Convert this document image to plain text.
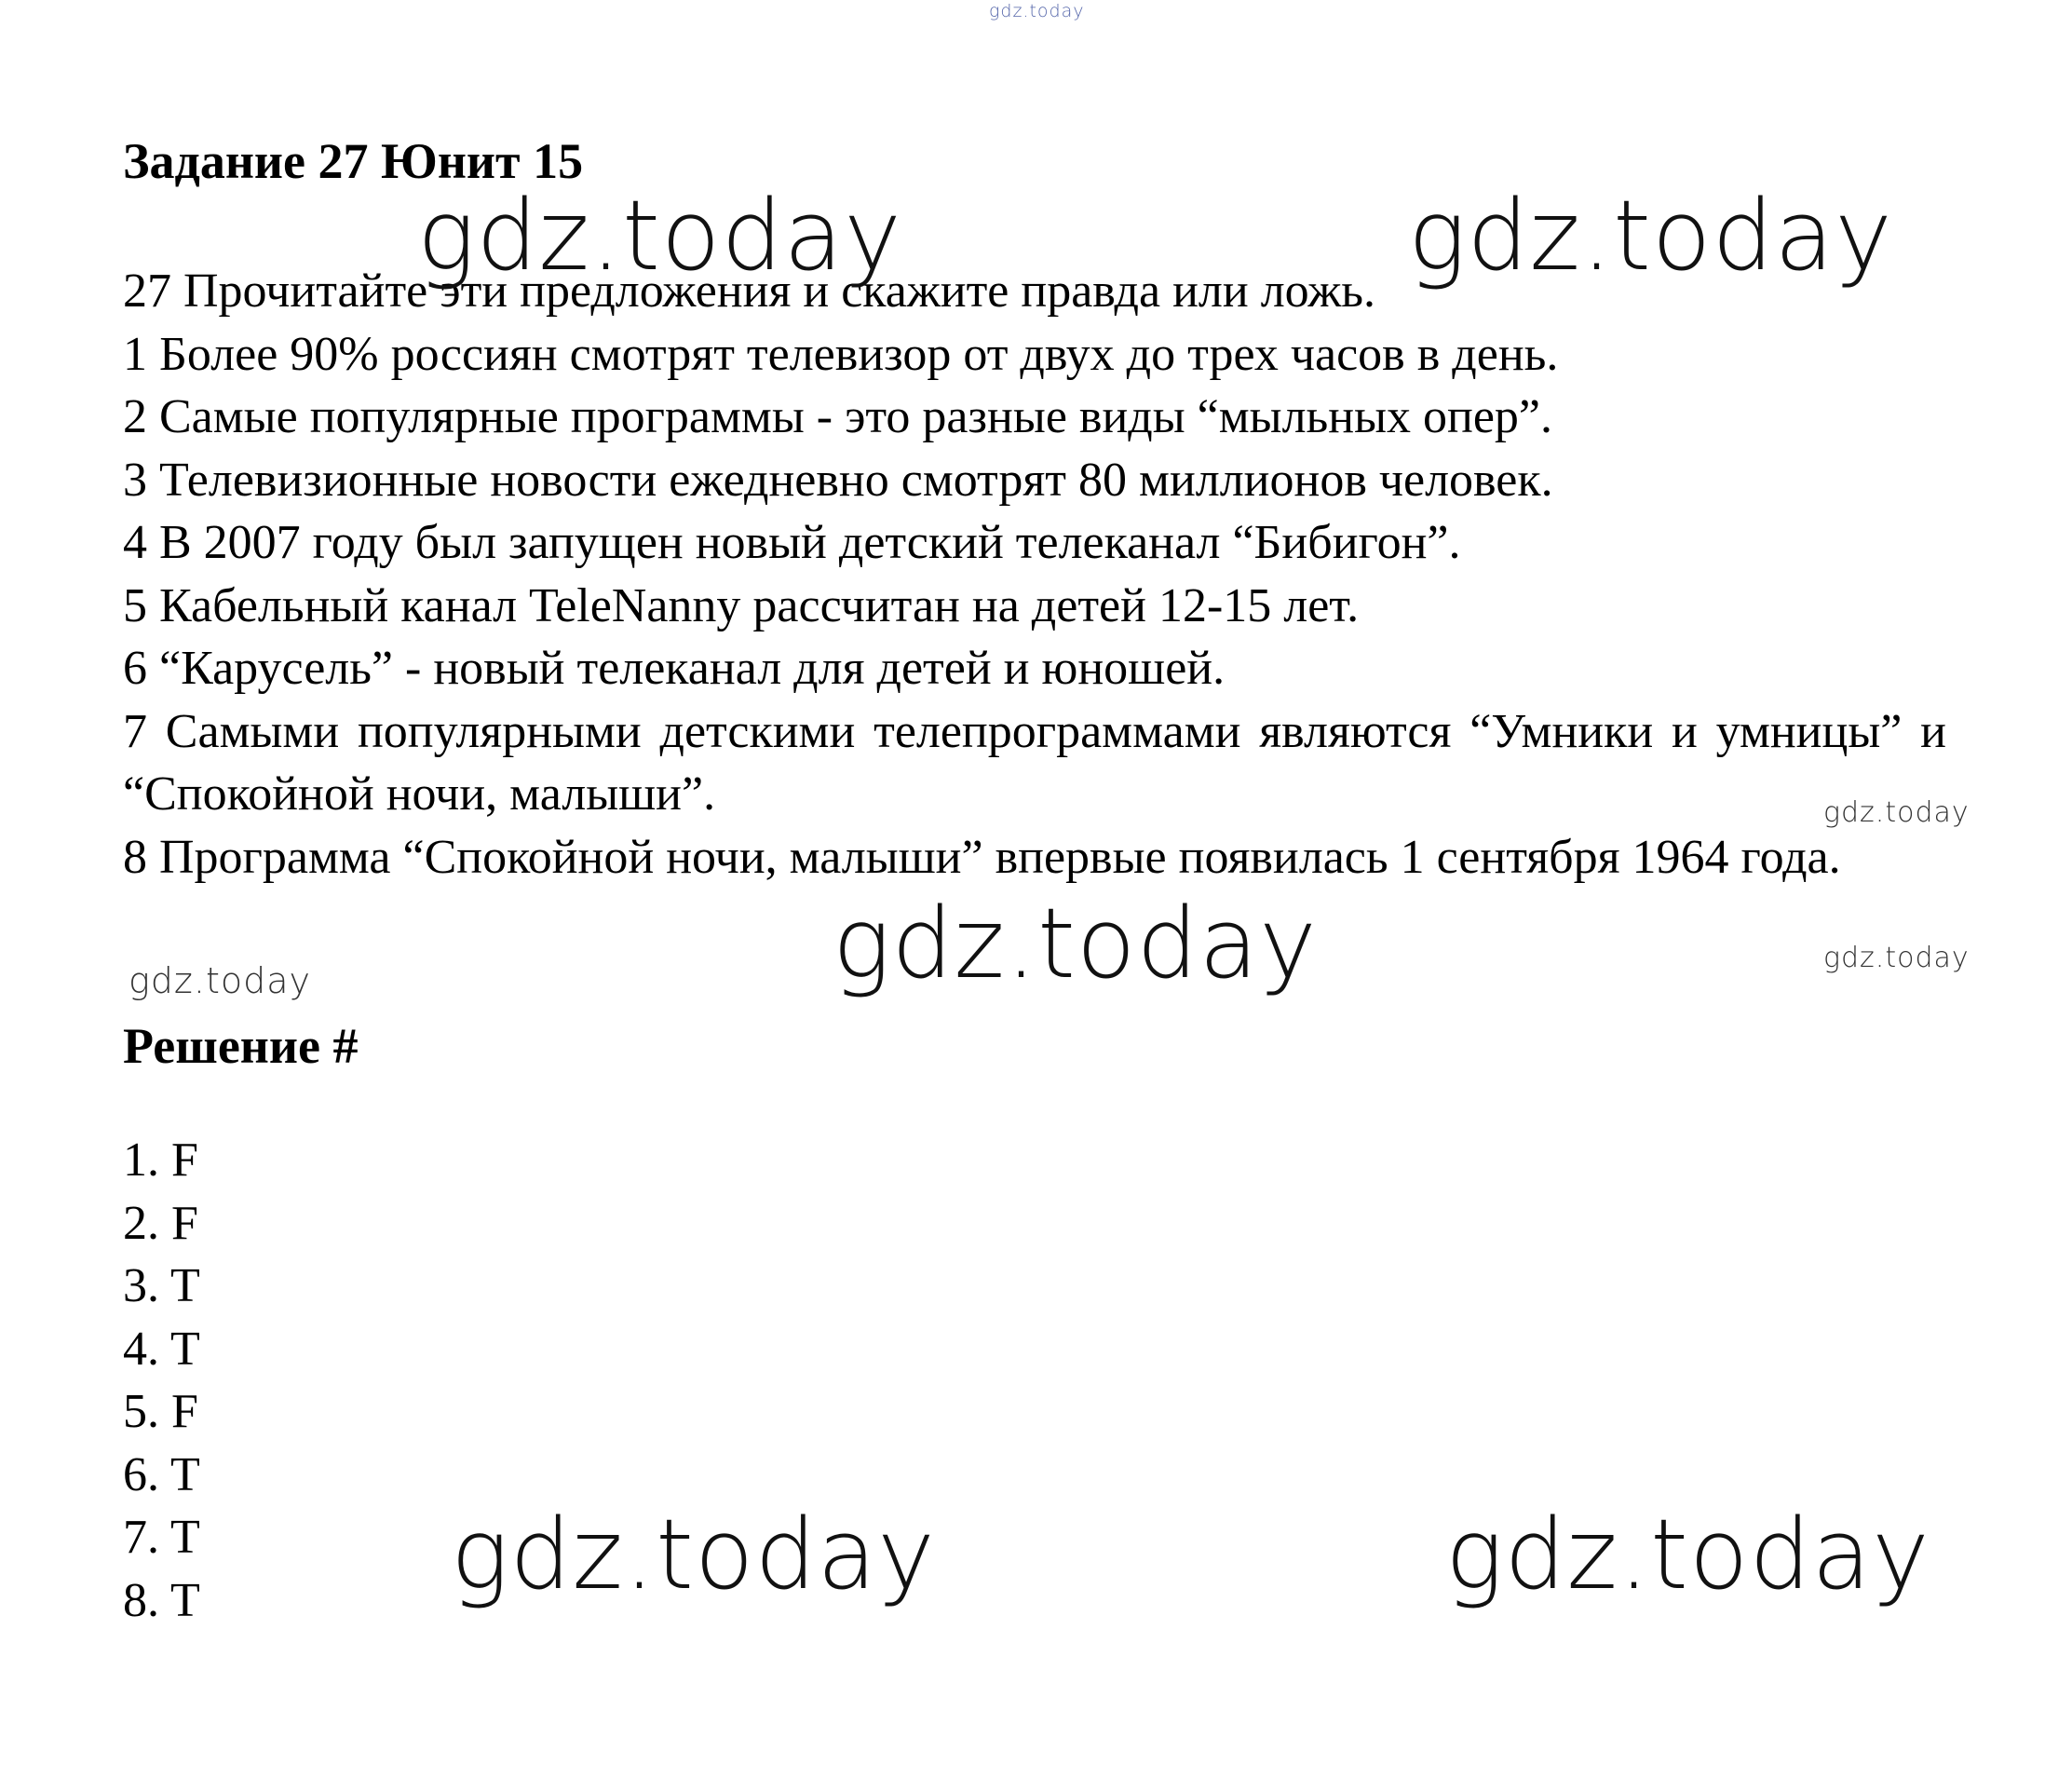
gdz.today
Задание 27 Юнит 15

27 Прочитайте эти предложения и скажите правда или ложь.

1 Более 90% россиян смотрят телевизор от двух до трех часов в день.

2 Самые популярные программы - это разные виды “мыльных опер”.

3 Телевизионные новости ежедневно смотрят 80 миллионов человек.

4 В 2007 году был запущен новый детский телеканал “Бибигон”.

5 Кабельный канал TeleNanny рассчитан на детей 12-15 лет.

6 “Карусель” - новый телеканал для детей и юношей.

7 Самыми популярными детскими телепрограммами являются “Умники и умницы” и “Спокойной ночи, малыши”.

8 Программа “Спокойной ночи, малыши” впервые появилась 1 сентября 1964 года.

Решение #
1. F
2. F
3. T
4. T
5. F
6. T
7. T
8. T
gdz.today	gdz.today
gdz.today
gdz.today	gdz.today
gdz.today
gdz.today	gdz.today
